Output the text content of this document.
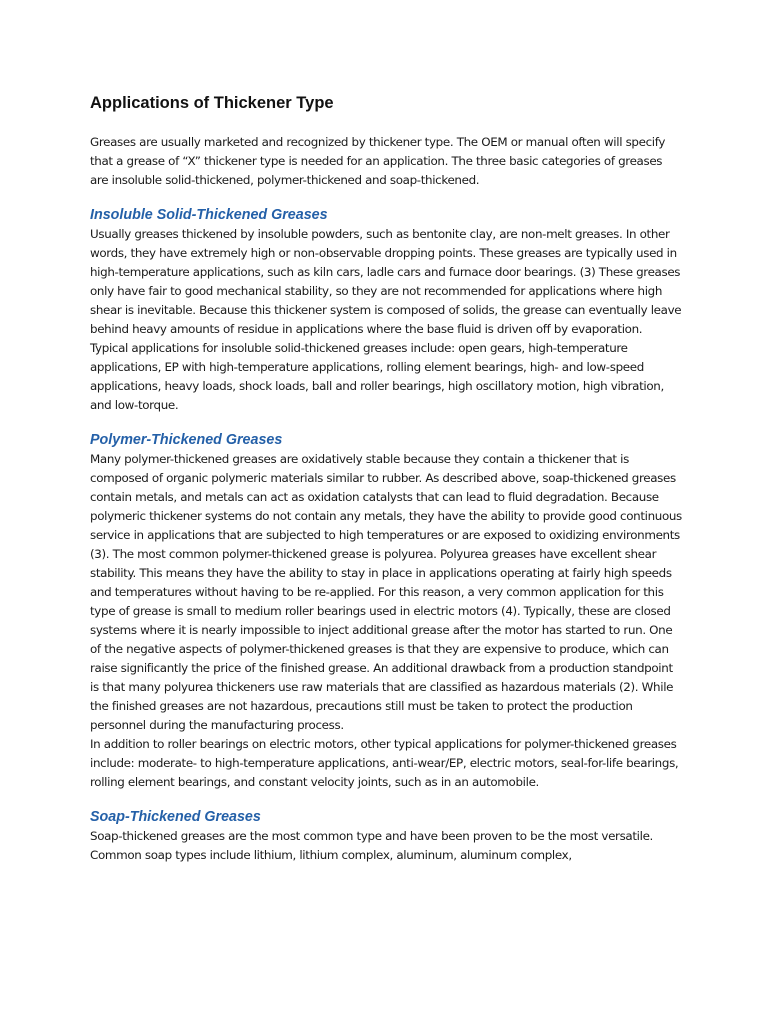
Applications of Thickener Type

Greases are usually marketed and recognized by thickener type. The OEM or manual often will specify that a grease of “X” thickener type is needed for an application. The three basic categories of greases are insoluble solid-thickened, polymer-thickened and soap-thickened.

Insoluble Solid-Thickened Greases

Usually greases thickened by insoluble powders, such as bentonite clay, are non-melt greases. In other words, they have extremely high or non-observable dropping points. These greases are typically used in high-temperature applications, such as kiln cars, ladle cars and furnace door bearings. (3) These greases only have fair to good mechanical stability, so they are not recommended for applications where high shear is inevitable. Because this thickener system is composed of solids, the grease can eventually leave behind heavy amounts of residue in applications where the base fluid is driven off by evaporation. Typical applications for insoluble solid-thickened greases include: open gears, high-temperature applications, EP with high-temperature applications, rolling element bearings, high- and low-speed applications, heavy loads, shock loads, ball and roller bearings, high oscillatory motion, high vibration, and low-torque.

Polymer-Thickened Greases

Many polymer-thickened greases are oxidatively stable because they contain a thickener that is composed of organic polymeric materials similar to rubber. As described above, soap-thickened greases contain metals, and metals can act as oxidation catalysts that can lead to fluid degradation. Because polymeric thickener systems do not contain any metals, they have the ability to provide good continuous service in applications that are subjected to high temperatures or are exposed to oxidizing environments (3). The most common polymer-thickened grease is polyurea. Polyurea greases have excellent shear stability. This means they have the ability to stay in place in applications operating at fairly high speeds and temperatures without having to be re-applied. For this reason, a very common application for this type of grease is small to medium roller bearings used in electric motors (4). Typically, these are closed systems where it is nearly impossible to inject additional grease after the motor has started to run. One of the negative aspects of polymer-thickened greases is that they are expensive to produce, which can raise significantly the price of the finished grease. An additional drawback from a production standpoint is that many polyurea thickeners use raw materials that are classified as hazardous materials (2). While the finished greases are not hazardous, precautions still must be taken to protect the production personnel during the manufacturing process.

In addition to roller bearings on electric motors, other typical applications for polymer-thickened greases include: moderate- to high-temperature applications, anti-wear/EP, electric motors, seal-for-life bearings, rolling element bearings, and constant velocity joints, such as in an automobile.

Soap-Thickened Greases

Soap-thickened greases are the most common type and have been proven to be the most versatile. Common soap types include lithium, lithium complex, aluminum, aluminum complex,
